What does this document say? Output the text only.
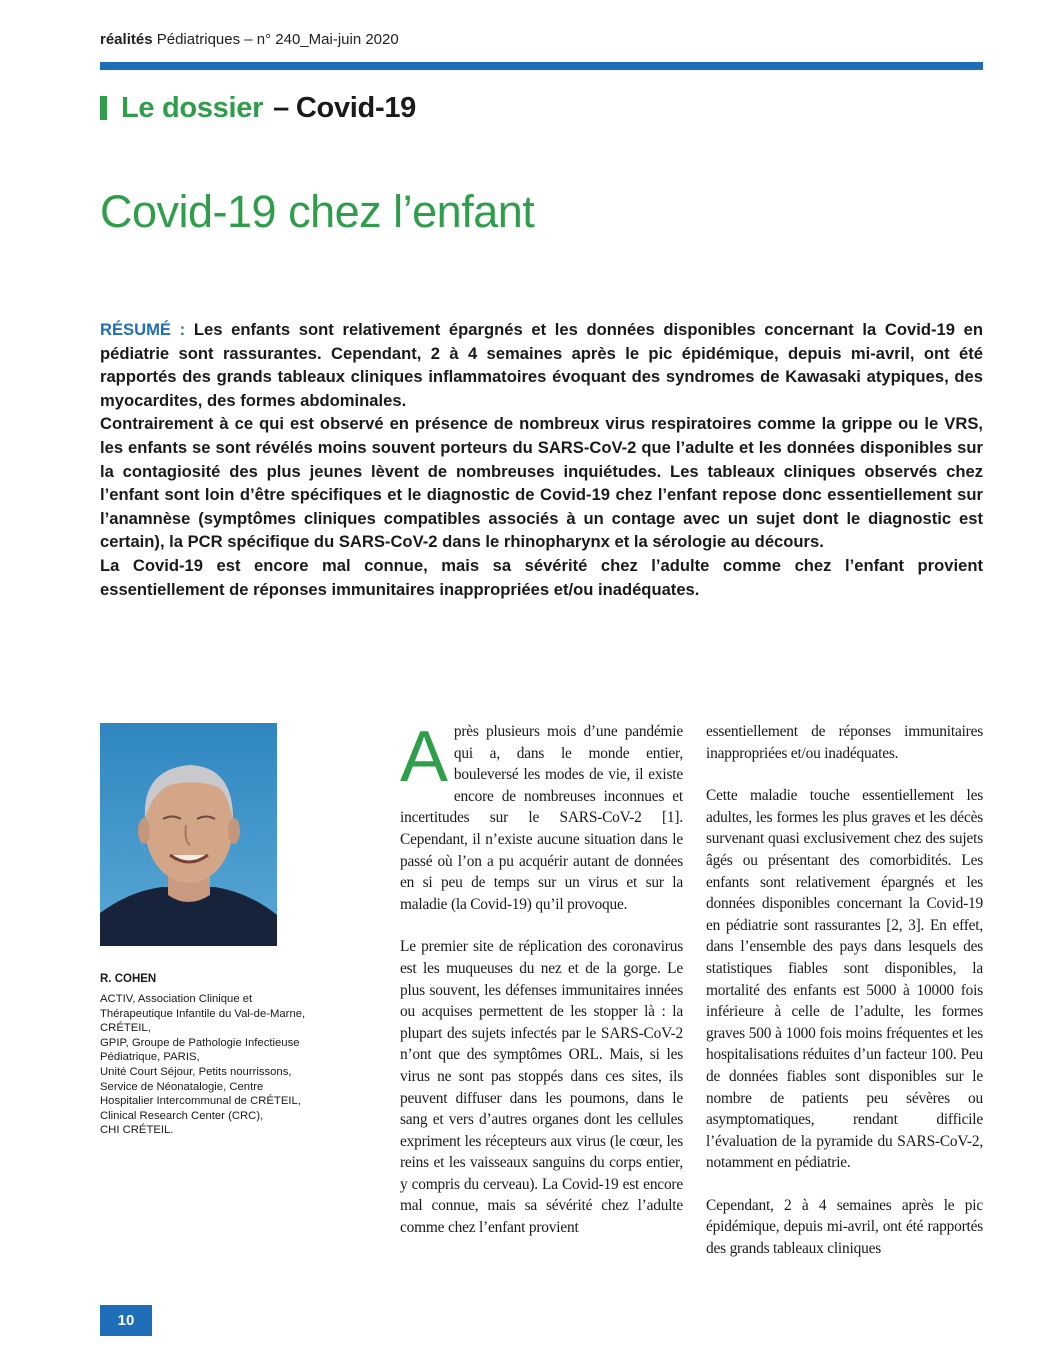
réalités Pédiatriques – n° 240_Mai-juin 2020
Le dossier – Covid-19
Covid-19 chez l’enfant

RÉSUMÉ : Les enfants sont relativement épargnés et les données disponibles concernant la Covid-19 en pédiatrie sont rassurantes. Cependant, 2 à 4 semaines après le pic épidémique, depuis mi-avril, ont été rapportés des grands tableaux cliniques inflammatoires évoquant des syndromes de Kawasaki atypiques, des myocardites, des formes abdominales.

Contrairement à ce qui est observé en présence de nombreux virus respiratoires comme la grippe ou le VRS, les enfants se sont révélés moins souvent porteurs du SARS-CoV-2 que l’adulte et les données disponibles sur la contagiosité des plus jeunes lèvent de nombreuses inquiétudes. Les tableaux cliniques observés chez l’enfant sont loin d’être spécifiques et le diagnostic de Covid-19 chez l’enfant repose donc essentiellement sur l’anamnèse (symptômes cliniques compatibles associés à un contage avec un sujet dont le diagnostic est certain), la PCR spécifique du SARS-CoV-2 dans le rhinopharynx et la sérologie au décours.

La Covid-19 est encore mal connue, mais sa sévérité chez l’adulte comme chez l’enfant provient essentiellement de réponses immunitaires inappropriées et/ou inadéquates.

R. COHEN
ACTIV, Association Clinique et
Thérapeutique Infantile du Val-de-Marne,
CRÉTEIL,
GPIP, Groupe de Pathologie Infectieuse
Pédiatrique, PARIS,
Unité Court Séjour, Petits nourrissons,
Service de Néonatalogie, Centre
Hospitalier Intercommunal de CRÉTEIL,
Clinical Research Center (CRC),
CHI CRÉTEIL.

Après plusieurs mois d’une pandémie qui a, dans le monde entier, bouleversé les modes de vie, il existe encore de nombreuses inconnues et incertitudes sur le SARS-CoV-2 [1]. Cependant, il n’existe aucune situation dans le passé où l’on a pu acquérir autant de données en si peu de temps sur un virus et sur la maladie (la Covid-19) qu’il provoque.

Le premier site de réplication des coronavirus est les muqueuses du nez et de la gorge. Le plus souvent, les défenses immunitaires innées ou acquises permettent de les stopper là : la plupart des sujets infectés par le SARS-CoV-2 n’ont que des symptômes ORL. Mais, si les virus ne sont pas stoppés dans ces sites, ils peuvent diffuser dans les poumons, dans le sang et vers d’autres organes dont les cellules expriment les récepteurs aux virus (le cœur, les reins et les vaisseaux sanguins du corps entier, y compris du cerveau). La Covid-19 est encore mal connue, mais sa sévérité chez l’adulte comme chez l’enfant provient

essentiellement de réponses immunitaires inappropriées et/ou inadéquates.

Cette maladie touche essentiellement les adultes, les formes les plus graves et les décès survenant quasi exclusivement chez des sujets âgés ou présentant des comorbidités. Les enfants sont relativement épargnés et les données disponibles concernant la Covid-19 en pédiatrie sont rassurantes [2, 3]. En effet, dans l’ensemble des pays dans lesquels des statistiques fiables sont disponibles, la mortalité des enfants est 5000 à 10000 fois inférieure à celle de l’adulte, les formes graves 500 à 1000 fois moins fréquentes et les hospitalisations réduites d’un facteur 100. Peu de données fiables sont disponibles sur le nombre de patients peu sévères ou asymptomatiques, rendant difficile l’évaluation de la pyramide du SARS-CoV-2, notamment en pédiatrie.

Cependant, 2 à 4 semaines après le pic épidémique, depuis mi-avril, ont été rapportés des grands tableaux cliniques

10
